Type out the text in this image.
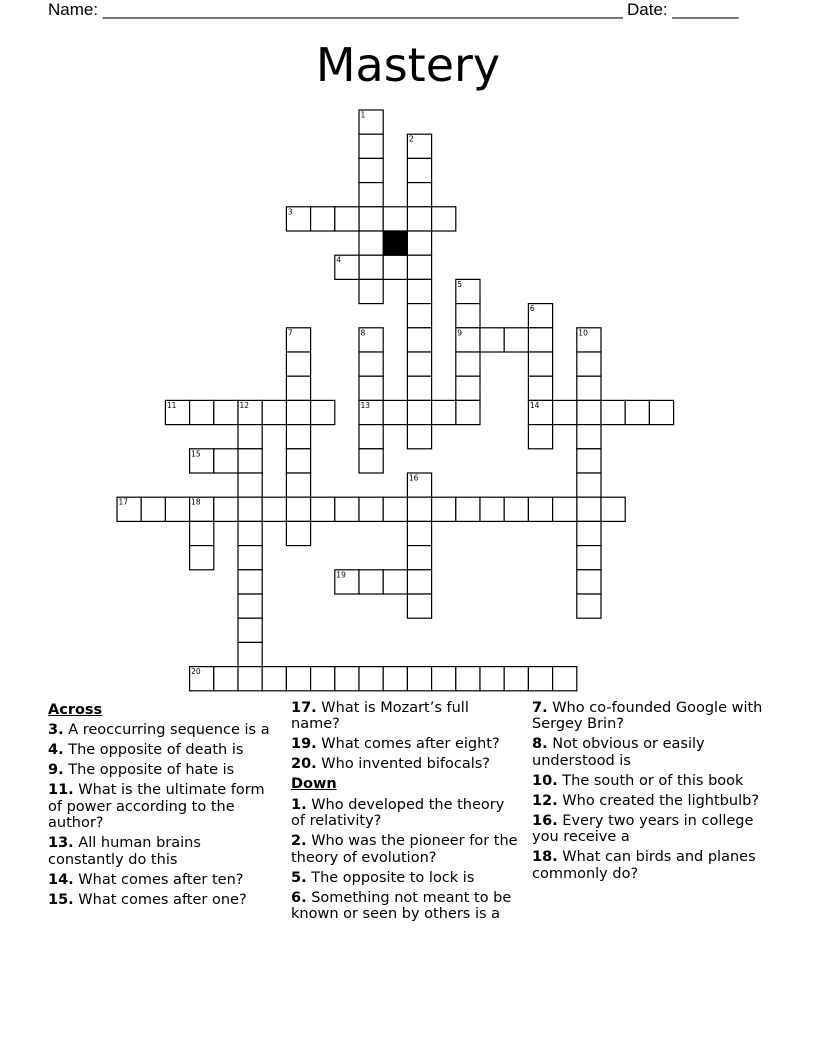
Name: _______________________________________________________ Date: _______
Mastery
1
2
3
4
5
6
7	8	9	10
11	12	13	14
15
16
17	18
19
20
Across
3. A reoccurring sequence is a
4. The opposite of death is
9. The opposite of hate is
11. What is the ultimate form of power according to the author?
13. All human brains constantly do this
14. What comes after ten?
15. What comes after one?
17. What is Mozart’s full name?
19. What comes after eight?
20. Who invented bifocals?
Down
1. Who developed the theory of relativity?
2. Who was the pioneer for the theory of evolution?
5. The opposite to lock is
6. Something not meant to be known or seen by others is a
7. Who co-founded Google with Sergey Brin?
8. Not obvious or easily understood is
10. The south or of this book
12. Who created the lightbulb?
16. Every two years in college you receive a
18. What can birds and planes commonly do?
